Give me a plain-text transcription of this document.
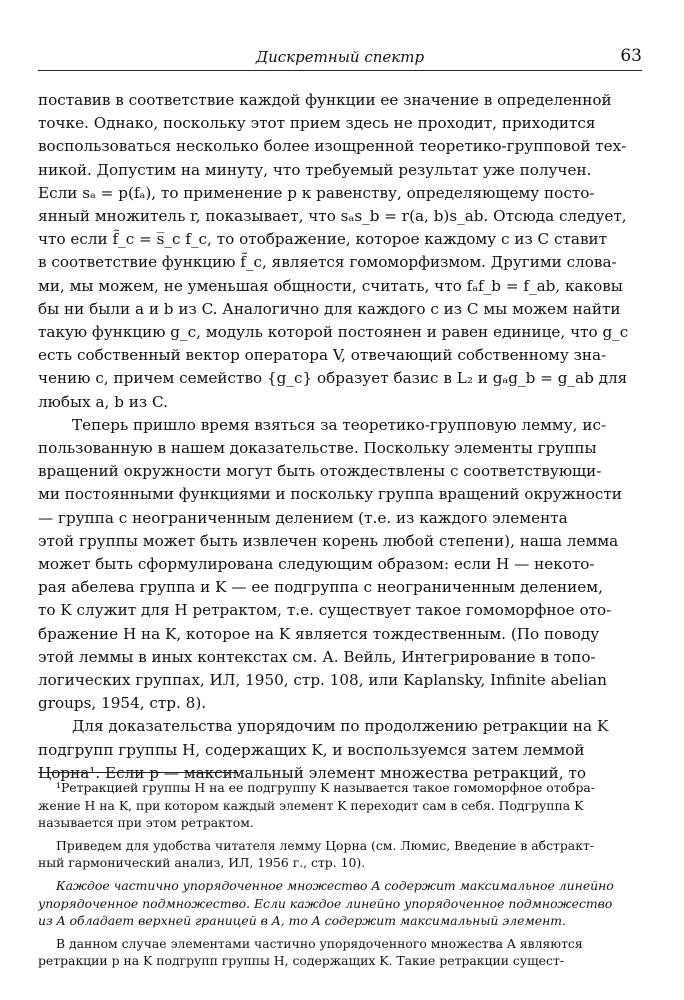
Дискретный спектр	63
поставив в соответствие каждой функции ее значение в определенной
точке. Однако, поскольку этот прием здесь не проходит, приходится
воспользоваться несколько более изощренной теоретико-групповой тех-
никой. Допустим на минуту, что требуемый результат уже получен.
Если sₐ = p(fₐ), то применение p к равенству, определяющему посто-
янный множитель r, показывает, что sₐs_b = r(a, b)s_ab. Отсюда следует,
что если f̃_c = s̅_c f_c, то отображение, которое каждому c из C ставит
в соответствие функцию f̃_c, является гомоморфизмом. Другими слова-
ми, мы можем, не уменьшая общности, считать, что fₐf_b = f_ab, каковы
бы ни были a и b из C. Аналогично для каждого c из C мы можем найти
такую функцию g_c, модуль которой постоянен и равен единице, что g_c
есть собственный вектор оператора V, отвечающий собственному зна-
чению c, причем семейство {g_c} образует базис в L₂ и gₐg_b = g_ab для
любых a, b из C.
Теперь пришло время взяться за теоретико-групповую лемму, ис-
пользованную в нашем доказательстве. Поскольку элементы группы
вращений окружности могут быть отождествлены с соответствующи-
ми постоянными функциями и поскольку группа вращений окружности
— группа с неограниченным делением (т.е. из каждого элемента
этой группы может быть извлечен корень любой степени), наша лемма
может быть сформулирована следующим образом: если H — некото-
рая абелева группа и K — ее подгруппа с неограниченным делением,
то K служит для H ретрактом, т.е. существует такое гомоморфное ото-
бражение H на K, которое на K является тождественным. (По поводу
этой леммы в иных контекстах см. А. Вейль, Интегрирование в топо-
логических группах, ИЛ, 1950, стр. 108, или Kaplansky, Infinite abelian
groups, 1954, стр. 8).
Для доказательства упорядочим по продолжению ретракции на K
подгрупп группы H, содержащих K, и воспользуемся затем леммой
Цорна¹. Если p — максимальный элемент множества ретракций, то
¹Ретракцией группы H на ее подгруппу K называется такое гомоморфное отобра-
жение H на K, при котором каждый элемент K переходит сам в себя. Подгруппа K
называется при этом ретрактом.
Приведем для удобства читателя лемму Цорна (см. Люмис, Введение в абстракт-
ный гармонический анализ, ИЛ, 1956 г., стр. 10).
Каждое частично упорядоченное множество A содержит максимальное линейно
упорядоченное подмножество. Если каждое линейно упорядоченное подмножество
из A обладает верхней границей в A, то A содержит максимальный элемент.
В данном случае элементами частично упорядоченного множества A являются
ретракции p на K подгрупп группы H, содержащих K. Такие ретракции сущест-
